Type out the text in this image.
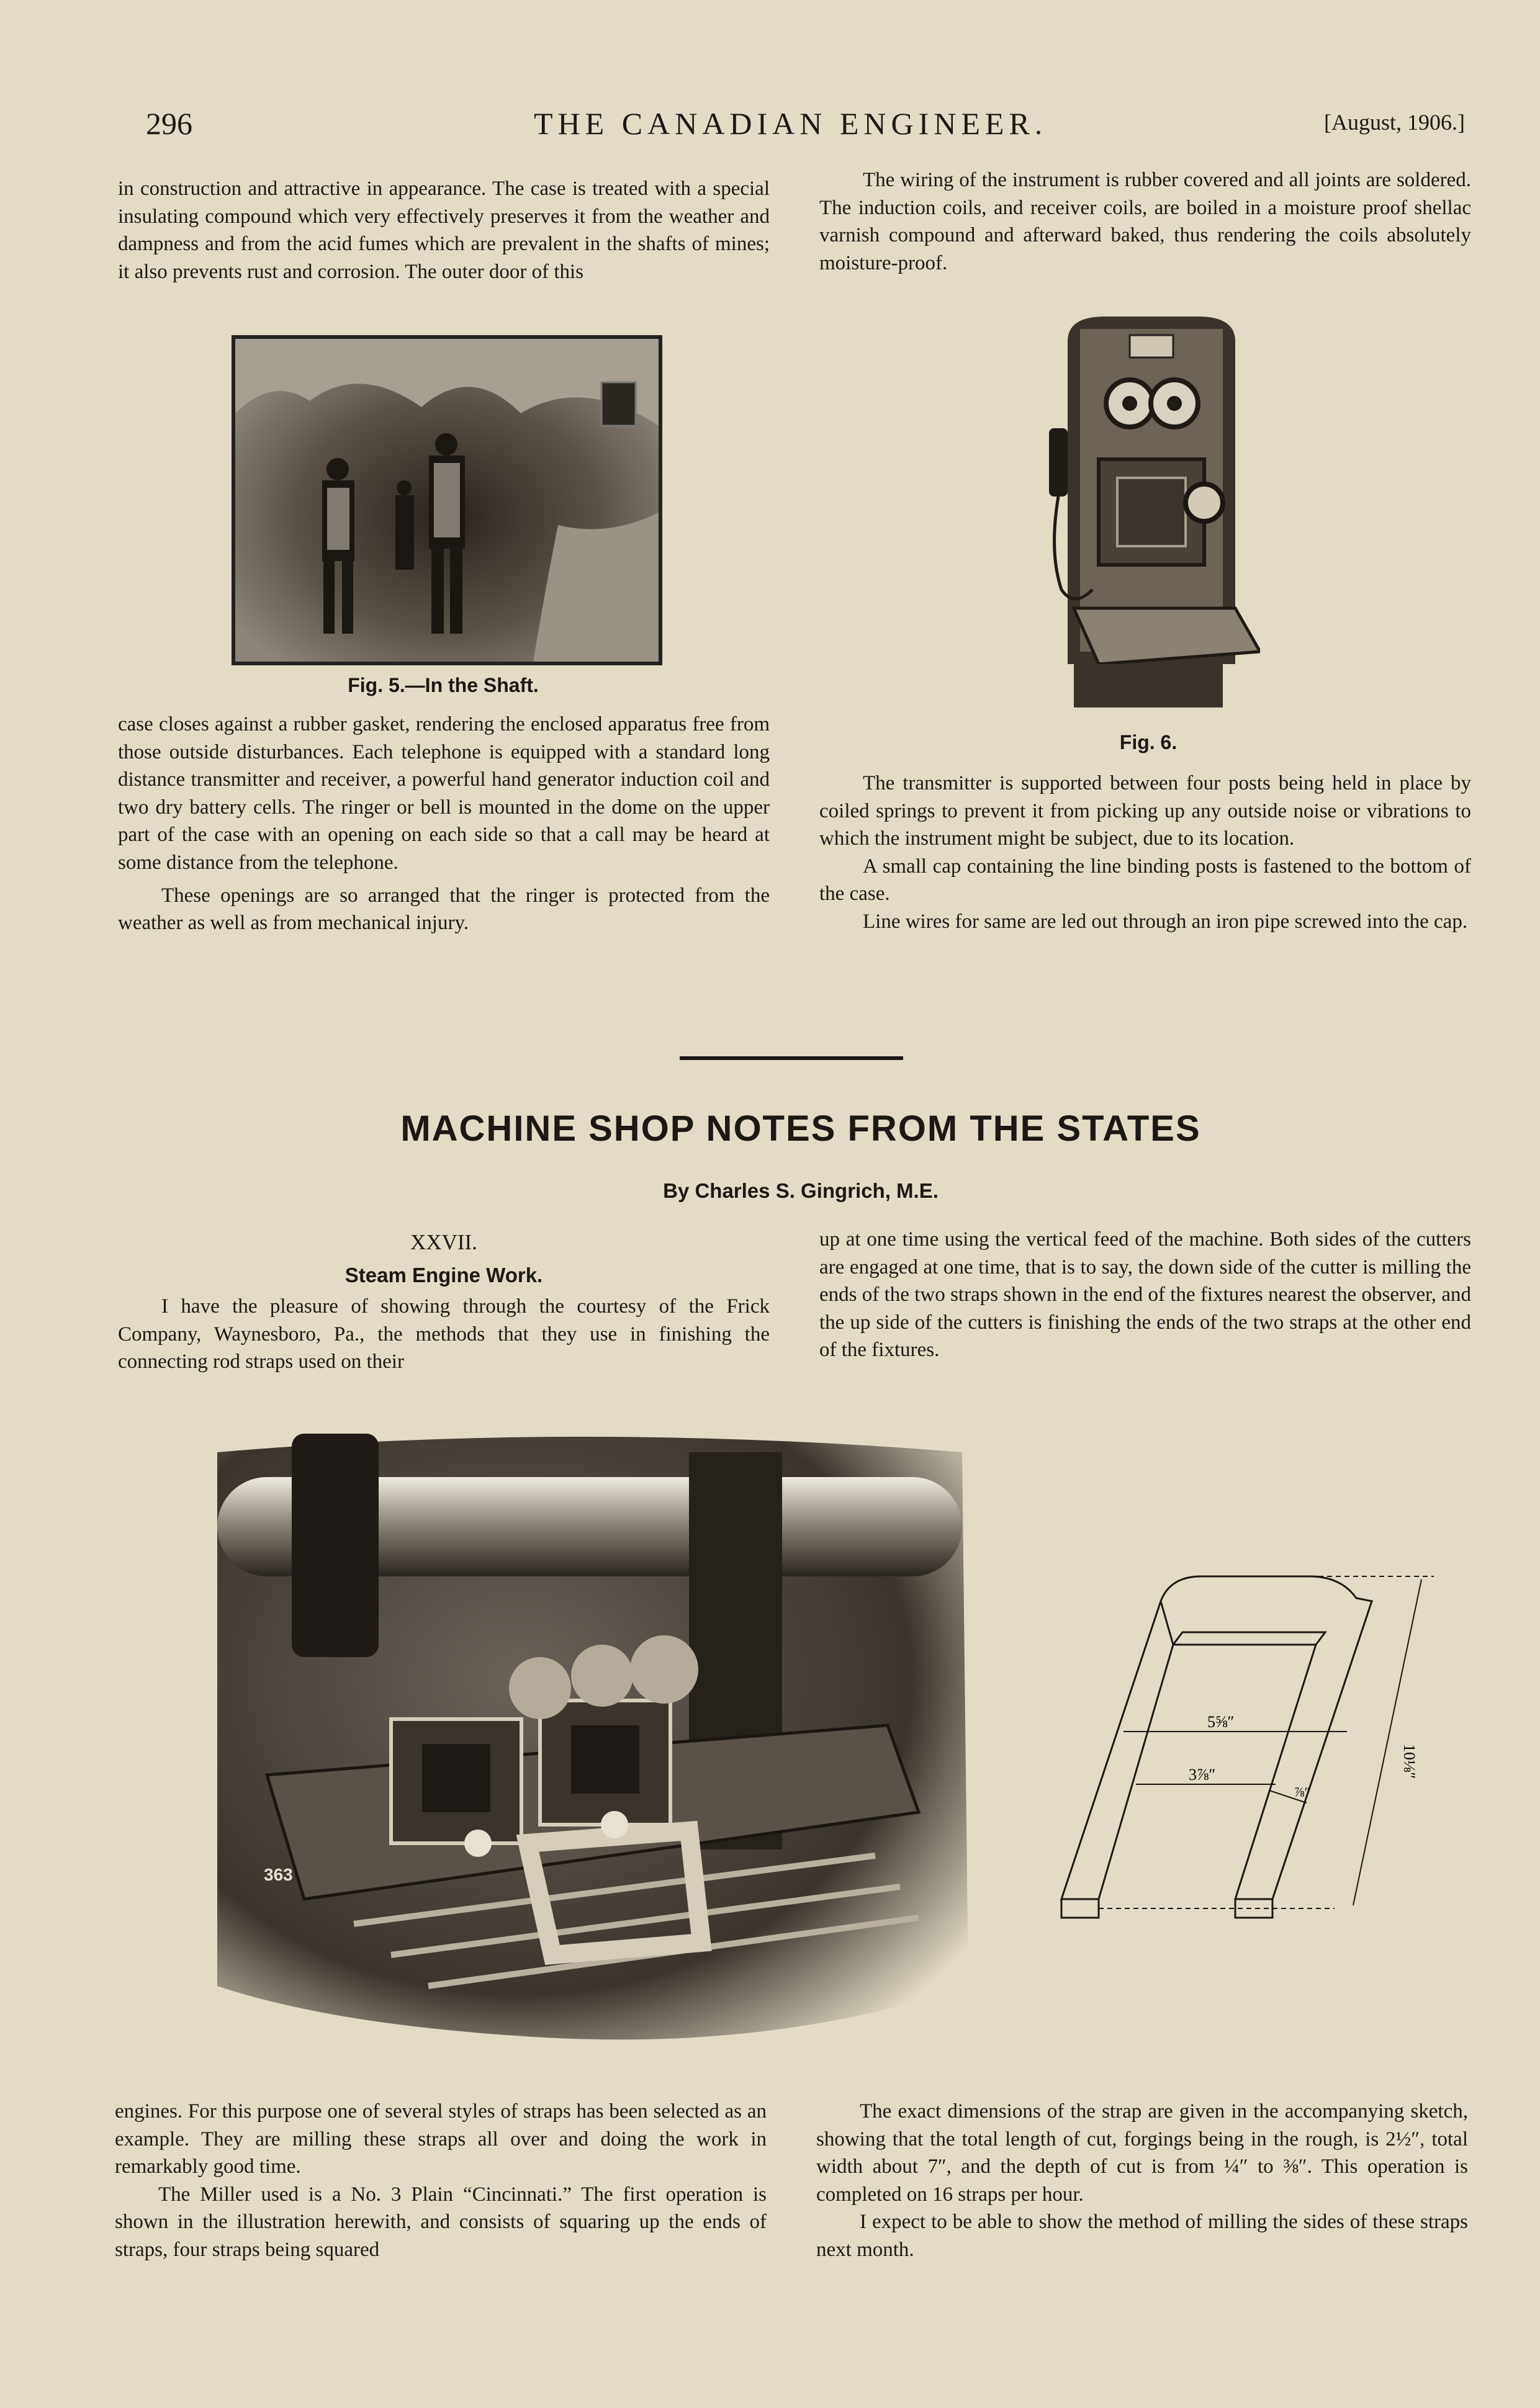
296	THE CANADIAN ENGINEER.	[August, 1906.]

in construction and attractive in appearance. The case is treated with a special insulating compound which very effectively preserves it from the weather and dampness and from the acid fumes which are prevalent in the shafts of mines; it also prevents rust and corrosion. The outer door of this

Fig. 5.—In the Shaft.

case closes against a rubber gasket, rendering the enclosed apparatus free from those outside disturbances. Each telephone is equipped with a standard long distance transmitter and receiver, a powerful hand generator induction coil and two dry battery cells. The ringer or bell is mounted in the dome on the upper part of the case with an opening on each side so that a call may be heard at some distance from the telephone.

These openings are so arranged that the ringer is protected from the weather as well as from mechanical injury.

The wiring of the instrument is rubber covered and all joints are soldered. The induction coils, and receiver coils, are boiled in a moisture proof shellac varnish compound and afterward baked, thus rendering the coils absolutely moisture-proof.

Fig. 6.

The transmitter is supported between four posts being held in place by coiled springs to prevent it from picking up any outside noise or vibrations to which the instrument might be subject, due to its location.

A small cap containing the line binding posts is fastened to the bottom of the case.

Line wires for same are led out through an iron pipe screwed into the cap.

MACHINE SHOP NOTES FROM THE STATES
By Charles S. Gingrich, M.E.

XXVII.

Steam Engine Work.

I have the pleasure of showing through the courtesy of the Frick Company, Waynesboro, Pa., the methods that they use in finishing the connecting rod straps used on their

up at one time using the vertical feed of the machine. Both sides of the cutters are engaged at one time, that is to say, the down side of the cutter is milling the ends of the two straps shown in the end of the fixtures nearest the observer, and the up side of the cutters is finishing the ends of the two straps at the other end of the fixtures.

363
5⅝″
3⅞″
⅞″
10⅛″

engines. For this purpose one of several styles of straps has been selected as an example. They are milling these straps all over and doing the work in remarkably good time.

The Miller used is a No. 3 Plain “Cincinnati.” The first operation is shown in the illustration herewith, and consists of squaring up the ends of straps, four straps being squared

The exact dimensions of the strap are given in the accompanying sketch, showing that the total length of cut, forgings being in the rough, is 2½″, total width about 7″, and the depth of cut is from ¼″ to ⅜″. This operation is completed on 16 straps per hour.

I expect to be able to show the method of milling the sides of these straps next month.
